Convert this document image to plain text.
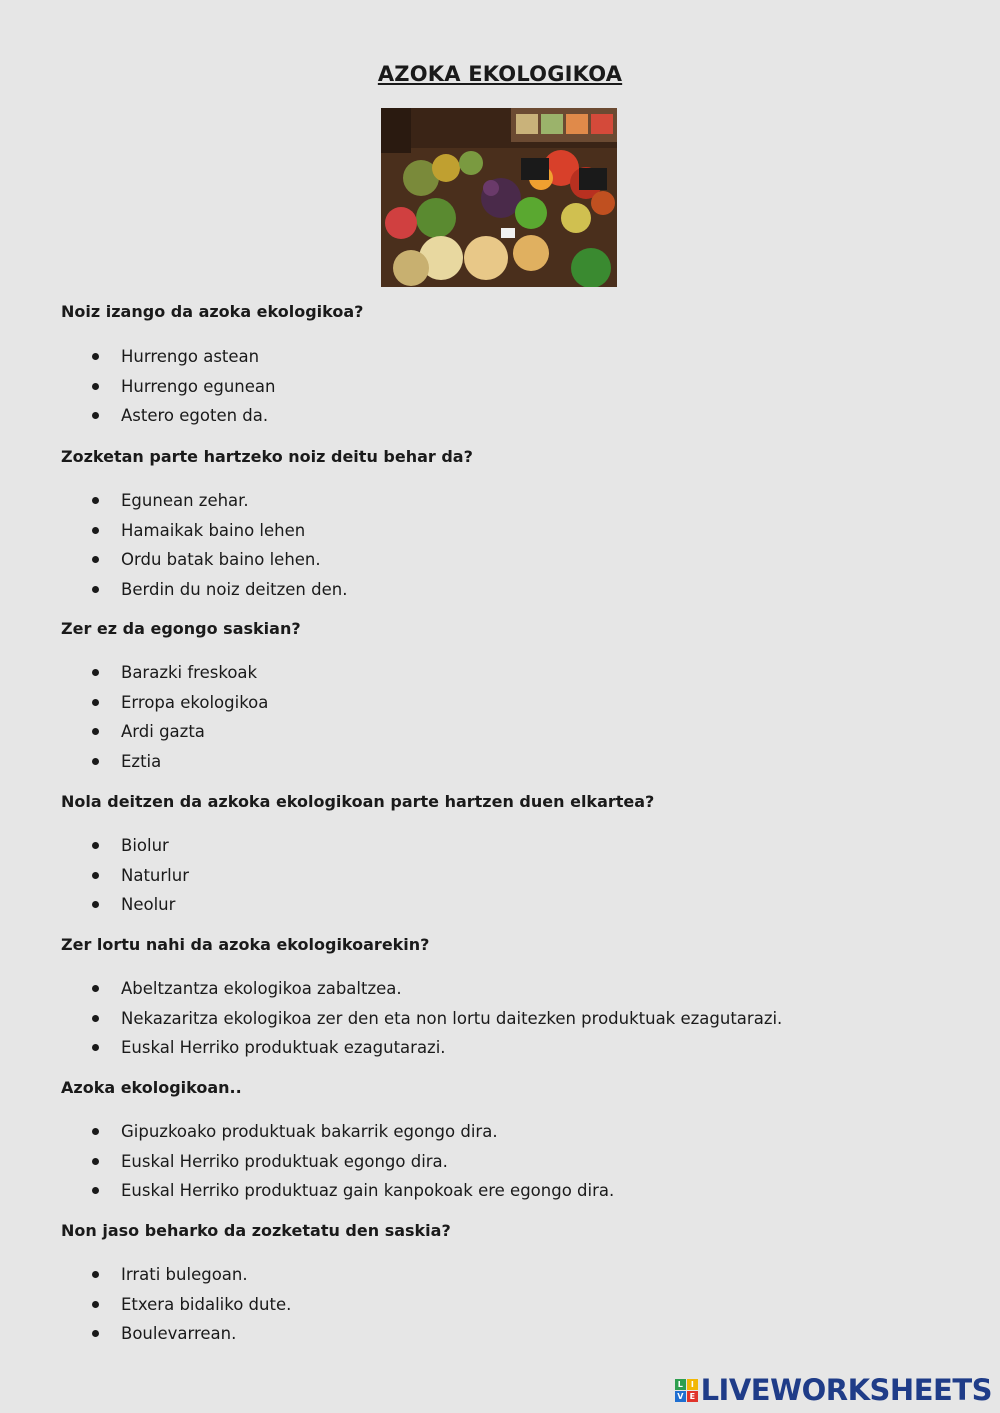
AZOKA EKOLOGIKOA
Noiz izango da azoka ekologikoa?
Hurrengo astean
Hurrengo egunean
Astero egoten da.
Zozketan parte hartzeko noiz deitu behar da?
Egunean zehar.
Hamaikak baino lehen
Ordu batak baino lehen.
Berdin du noiz deitzen den.
Zer ez da egongo saskian?
Barazki freskoak
Erropa ekologikoa
Ardi gazta
Eztia
Nola deitzen da azkoka ekologikoan parte hartzen duen elkartea?
Biolur
Naturlur
Neolur
Zer lortu nahi da azoka ekologikoarekin?
Abeltzantza ekologikoa zabaltzea.
Nekazaritza ekologikoa zer den eta non lortu daitezken produktuak ezagutarazi.
Euskal Herriko produktuak ezagutarazi.
Azoka ekologikoan..
Gipuzkoako produktuak bakarrik egongo dira.
Euskal Herriko produktuak egongo dira.
Euskal Herriko produktuaz gain kanpokoak ere egongo dira.
Non jaso beharko da zozketatu den saskia?
Irrati bulegoan.
Etxera bidaliko dute.
Boulevarrean.
L	I
V E LIVEWORKSHEETS
